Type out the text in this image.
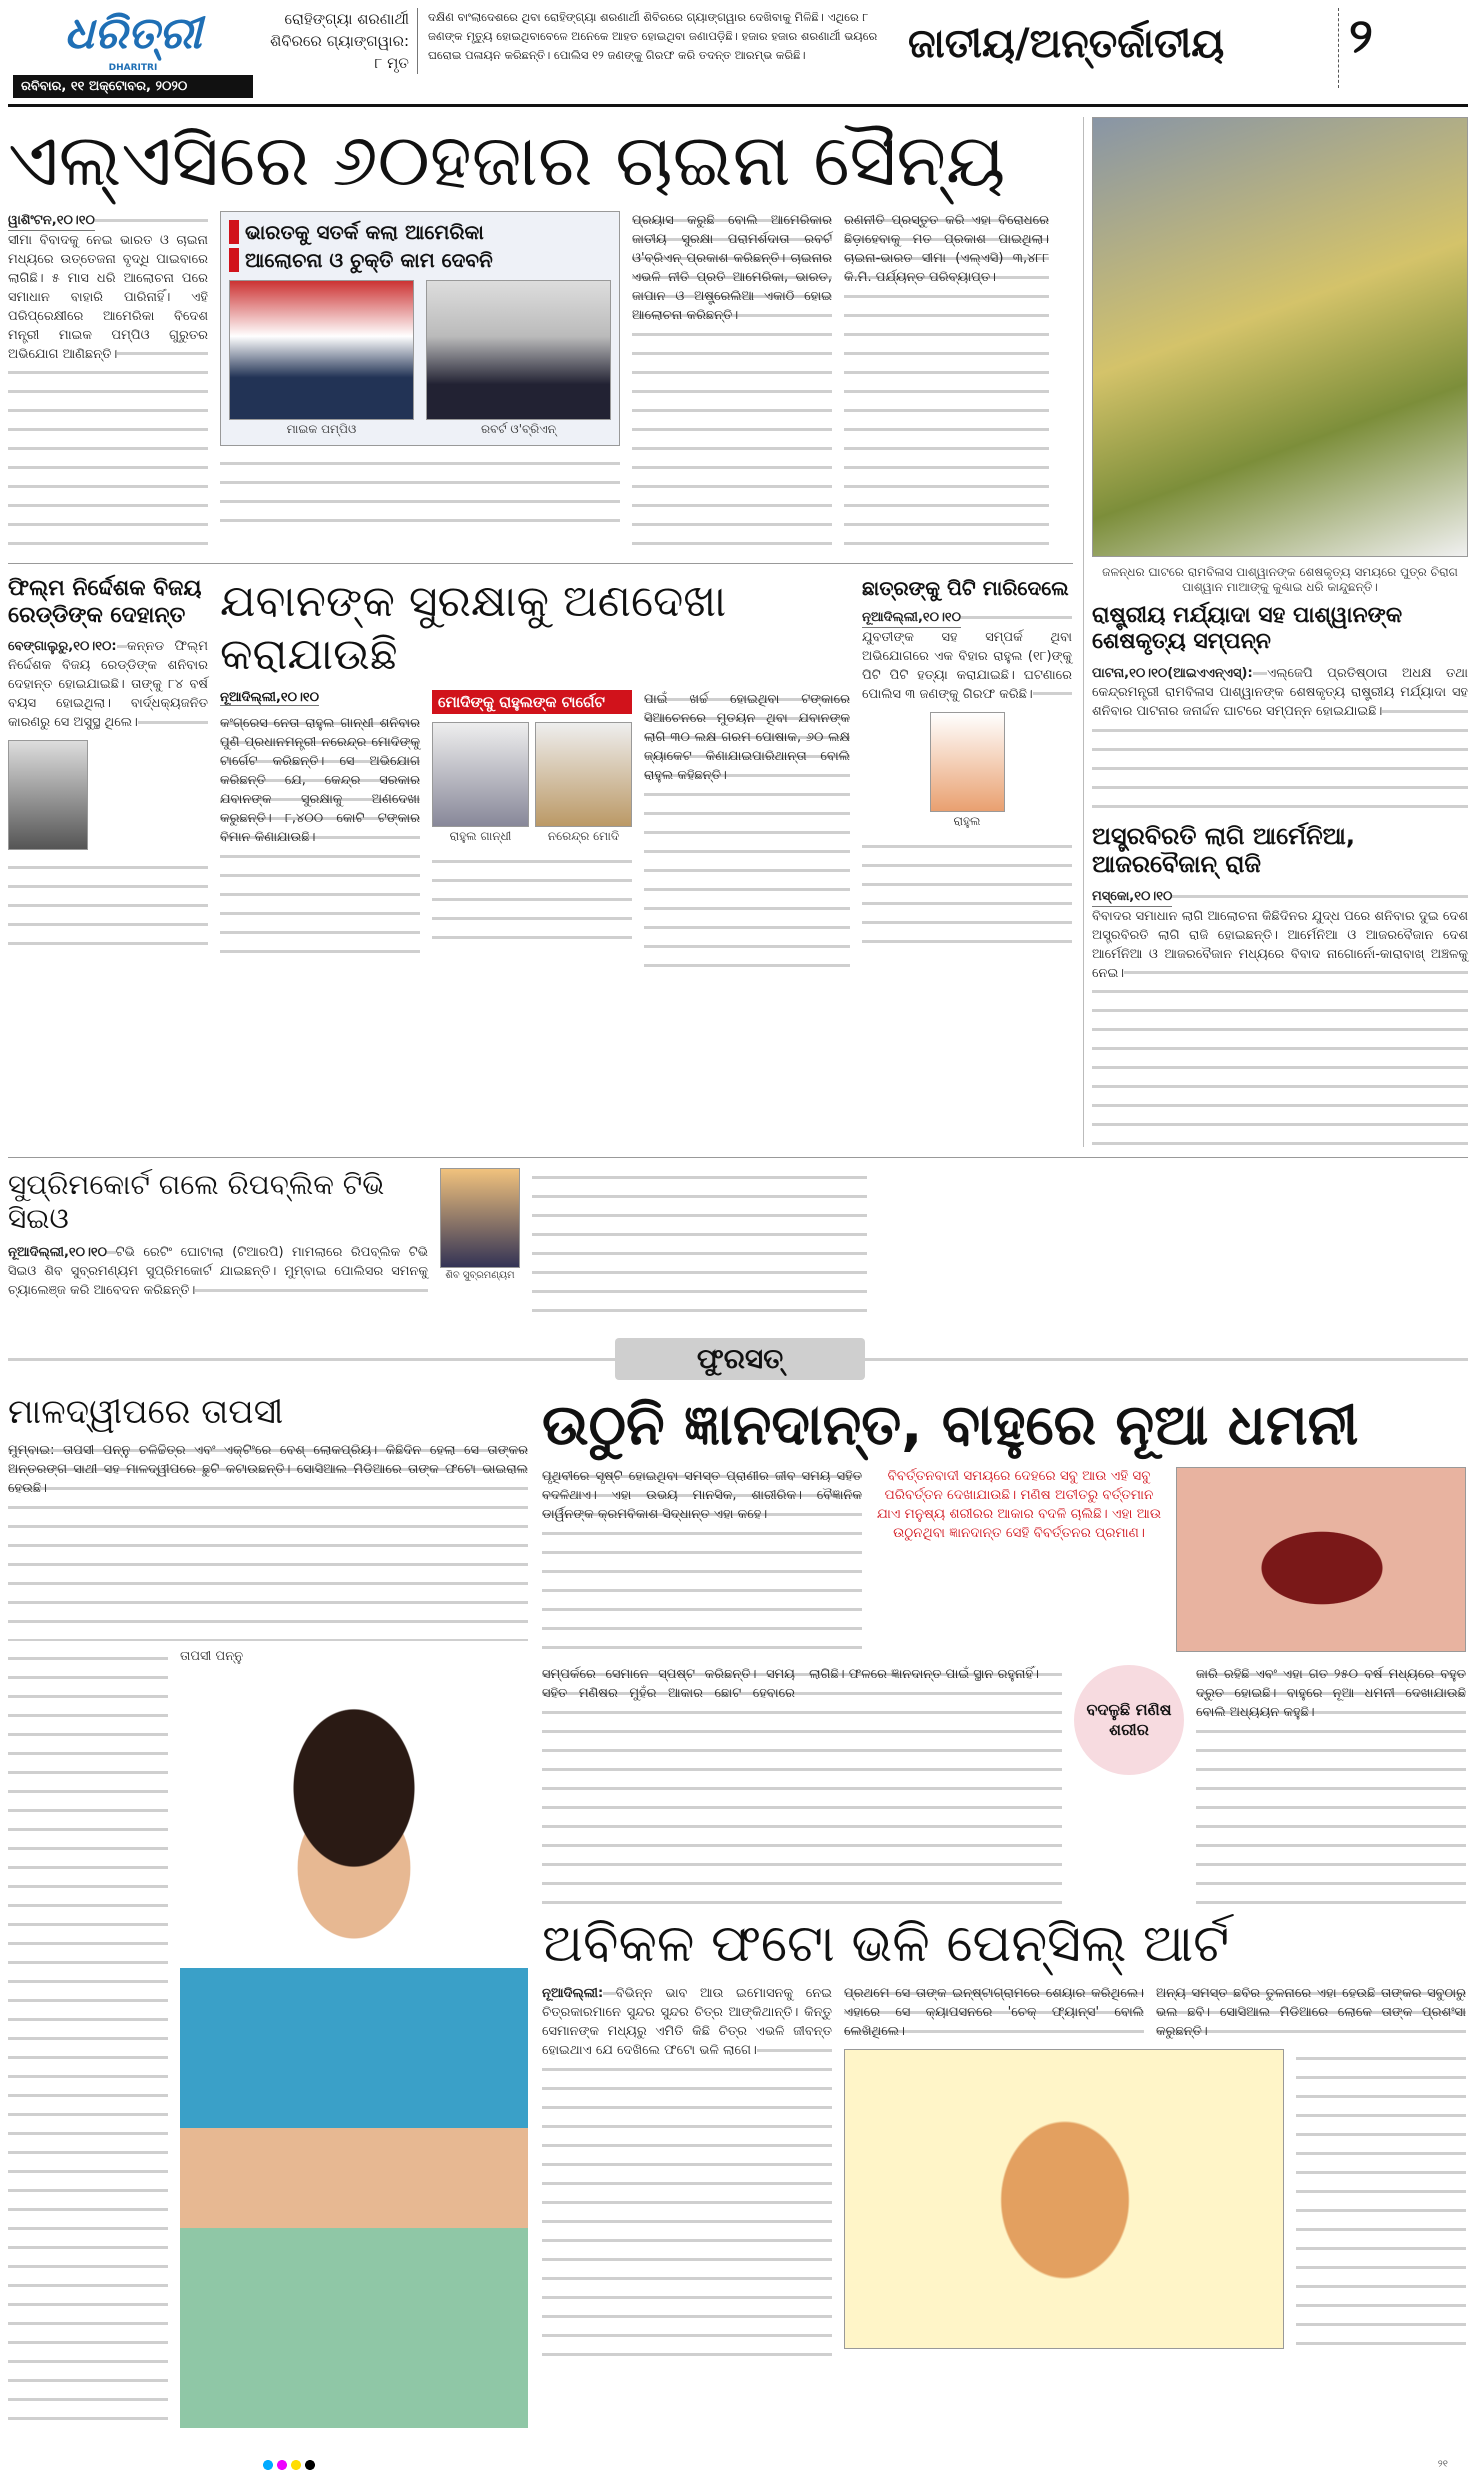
ଧରିତ୍ରୀ
DHARITRI
ରବିବାର, ୧୧ ଅକ୍ଟୋବର, ୨୦୨୦
ରୋହିଙ୍ଗ୍ୟା ଶରଣାର୍ଥୀ ଶିବିରରେ ଗ୍ୟାଙ୍ଗୱାର: ୮ ମୃତ
ଦକ୍ଷିଣ ବାଂଲାଦେଶରେ ଥିବା ରୋହିଙ୍ଗ୍ୟା ଶରଣାର୍ଥୀ ଶିବିରରେ ଗ୍ୟାଙ୍ଗୱାର ଦେଖିବାକୁ ମିଳିଛି। ଏଥିରେ ୮ ଜଣଙ୍କ ମୃତ୍ୟୁ ହୋଇଥିବାବେଳେ ଅନେକେ ଆହତ ହୋଇଥିବା ଜଣାପଡ଼ିଛି। ହଜାର ହଜାର ଶରଣାର୍ଥୀ ଭୟରେ ଘରୋଇ ପଳାୟନ କରିଛନ୍ତି। ପୋଲିସ ୧୨ ଜଣଙ୍କୁ ଗିରଫ କରି ତଦନ୍ତ ଆରମ୍ଭ କରିଛି।	ଜାତୀୟ/ଅନ୍ତର୍ଜାତୀୟ	୨
ଏଲ୍‌ଏସିରେ ୬୦ହଜାର ଚାଇନା ସୈନ୍ୟ
ୱାଶିଂଟନ,୧୦।୧୦
ସୀମା ବିବାଦକୁ ନେଇ ଭାରତ ଓ ଚାଇନା ମଧ୍ୟରେ ଉତ୍ତେଜନା ବୃଦ୍ଧି ପାଇବାରେ ଲାଗିଛି। ୫ ମାସ ଧରି ଆଲୋଚନା ପରେ ସମାଧାନ ବାହାରି ପାରିନାହିଁ। ଏହି ପରିପ୍ରେକ୍ଷୀରେ ଆମେରିକା ବିଦେଶ ମନ୍ତ୍ରୀ ମାଇକ ପମ୍ପିଓ ଗୁରୁତର ଅଭିଯୋଗ ଆଣିଛନ୍ତି।
ଭାରତକୁ ସତର୍କ କଲା ଆମେରିକା
ଆଲୋଚନା ଓ ଚୁକ୍ତି କାମ ଦେବନି
ମାଇକ ପମ୍ପିଓ	ରବର୍ଟ ଓ'ବ୍ରିଏନ୍
ପ୍ରୟାସ କରୁଛି ବୋଲି ଆମେରିକାର ଜାତୀୟ ସୁରକ୍ଷା ପରାମର୍ଶଦାତା ରବର୍ଟ ଓ'ବ୍ରିଏନ୍ ପ୍ରକାଶ କରିଛନ୍ତି। ଚାଇନାର ଏଭଳି ନୀତି ପ୍ରତି ଆମେରିକା, ଭାରତ, ଜାପାନ ଓ ଅଷ୍ଟ୍ରେଲିଆ ଏକାଠି ହୋଇ ଆଲୋଚନା କରିଛନ୍ତି।
ରଣନୀତି ପ୍ରସ୍ତୁତ କରି ଏହା ବିରୋଧରେ ଛିଡ଼ାହେବାକୁ ମତ ପ୍ରକାଶ ପାଇଥିଲା। ଚାଇନା-ଭାରତ ସୀମା (ଏଲ୍‌ଏସି) ୩,୪୮୮ କି.ମି. ପର୍ଯ୍ୟନ୍ତ ପରିବ୍ୟାପ୍ତ।
ଫିଲ୍ମ ନିର୍ଦ୍ଦେଶକ ବିଜୟ ରେଡ୍ଡିଙ୍କ ଦେହାନ୍ତ
ବେଙ୍ଗାଲୁରୁ,୧୦।୧୦: କନ୍ନଡ ଫିଲ୍ମ ନିର୍ଦ୍ଦେଶକ ବିଜୟ ରେଡ୍ଡିଙ୍କ ଶନିବାର ଦେହାନ୍ତ ହୋଇଯାଇଛି। ତାଙ୍କୁ ୮୪ ବର୍ଷ ବୟସ ହୋଇଥିଲା। ବାର୍ଦ୍ଧକ୍ୟଜନିତ କାରଣରୁ ସେ ଅସୁସ୍ଥ ଥିଲେ।
ଯବାନଙ୍କ ସୁରକ୍ଷାକୁ ଅଣଦେଖା କରାଯାଉଛି
ନୂଆଦିଲ୍ଲୀ,୧୦।୧୦
କଂଗ୍ରେସ ନେତା ରାହୁଲ ଗାନ୍ଧୀ ଶନିବାର ପୁଣି ପ୍ରଧାନମନ୍ତ୍ରୀ ନରେନ୍ଦ୍ର ମୋଦିଙ୍କୁ ଟାର୍ଗେଟ କରିଛନ୍ତି। ସେ ଅଭିଯୋଗ କରିଛନ୍ତି ଯେ, କେନ୍ଦ୍ର ସରକାର ଯବାନଙ୍କ ସୁରକ୍ଷାକୁ ଅଣଦେଖା କରୁଛନ୍ତି। ୮,୪୦୦ କୋଟି ଟଙ୍କାର ବିମାନ କିଣାଯାଉଛି।
ମୋଦିଙ୍କୁ ରାହୁଲଙ୍କ ଟାର୍ଗେଟ
ରାହୁଲ ଗାନ୍ଧୀ	ନରେନ୍ଦ୍ର ମୋଦି
ପାଇଁ ଖର୍ଚ୍ଚ ହୋଇଥିବା ଟଙ୍କାରେ ସିଆଚେନରେ ମୁତୟନ ଥିବା ଯବାନଙ୍କ ଲାଗି ୩୦ ଲକ୍ଷ ଗରମ ପୋଷାକ, ୬୦ ଲକ୍ଷ ଜ୍ୟାକେଟ କିଣାଯାଇପାରିଥାନ୍ତା ବୋଲି ରାହୁଲ କହିଛନ୍ତି।
ଛାତ୍ରଙ୍କୁ ପିଟି ମାରିଦେଲେ
ନୂଆଦିଲ୍ଲୀ,୧୦।୧୦
ଯୁବତୀଙ୍କ ସହ ସମ୍ପର୍କ ଥିବା ଅଭିଯୋଗରେ ଏକ ବିହାର ରାହୁଲ (୧୮)ଙ୍କୁ ପିଟି ପିଟି ହତ୍ୟା କରାଯାଇଛି। ଘଟଣାରେ ପୋଲିସ ୩ ଜଣଙ୍କୁ ଗିରଫ କରିଛି।
ରାହୁଲ
ଜଳନ୍ଧର ଘାଟରେ ରାମବିଳାସ ପାଶ୍ୱାନଙ୍କ ଶେଷକୃତ୍ୟ ସମୟରେ ପୁତ୍ର ଚିରାଗ ପାଶ୍ୱାନ ମାଆଙ୍କୁ କୁଣ୍ଢାଇ ଧରି କାନ୍ଦୁଛନ୍ତି।
ରାଷ୍ଟ୍ରୀୟ ମର୍ଯ୍ୟାଦା ସହ ପାଶ୍ୱାନଙ୍କ ଶେଷକୃତ୍ୟ ସମ୍ପନ୍ନ
ପାଟନା,୧୦।୧୦(ଆଇଏଏନ୍‌ଏସ୍): ଏଲ୍‌ଜେପି ପ୍ରତିଷ୍ଠାତା ଅଧକ୍ଷ ତଥା କେନ୍ଦ୍ରମନ୍ତ୍ରୀ ରାମବିଳାସ ପାଶ୍ୱାନଙ୍କ ଶେଷକୃତ୍ୟ ରାଷ୍ଟ୍ରୀୟ ମର୍ଯ୍ୟାଦା ସହ ଶନିବାର ପାଟନାର ଜନାର୍ଦ୍ଦନ ଘାଟରେ ସମ୍ପନ୍ନ ହୋଇଯାଇଛି।
ଅସ୍ତ୍ରବିରତି ଲାଗି ଆର୍ମେନିଆ, ଆଜରବୈଜାନ୍ ରାଜି
ମସ୍କୋ,୧୦।୧୦
ବିବାଦର ସମାଧାନ ଲାଗି ଆଲୋଚନା କିଛିଦିନର ଯୁଦ୍ଧ ପରେ ଶନିବାର ଦୁଇ ଦେଶ ଅସ୍ତ୍ରବିରତି ଲାଗି ରାଜି ହୋଇଛନ୍ତି। ଆର୍ମେନିଆ ଓ ଆଜରବୈଜାନ ଦେଶ ଆର୍ମେନିଆ ଓ ଆଜରବୈଜାନ ମଧ୍ୟରେ ବିବାଦ ନାଗୋର୍ନୋ-କାରାବାଖ୍ ଅଞ୍ଚଳକୁ ନେଇ।
ସୁପ୍ରିମକୋର୍ଟ ଗଲେ ରିପବ୍ଲିକ ଟିଭି ସିଇଓ
ନୂଆଦିଲ୍ଲୀ,୧୦।୧୦ ଟିଭି ରେଟିଂ ଘୋଟାଲା (ଟିଆରପି) ମାମଲାରେ ରିପବ୍ଲିକ ଟିଭି ସିଇଓ ଶିବ ସୁବ୍ରମଣ୍ୟମ ସୁପ୍ରିମକୋର୍ଟ ଯାଇଛନ୍ତି। ମୁମ୍ବାଇ ପୋଲିସର ସମନକୁ ଚ୍ୟାଲେଞ୍ଜ କରି ଆବେଦନ କରିଛନ୍ତି।
ଶିବ ସୁବ୍ରମଣ୍ୟମ
ଫୁରସତ୍
ମାଳଦ୍ୱୀପରେ ତାପସୀ
ମୁମ୍ବାଇ: ତାପସୀ ପନ୍ନୁ ଚଳିଚ୍ଚିତ୍ର ଏବଂ ଏକ୍ଟିଂରେ ବେଶ୍ ଲୋକପ୍ରିୟ। କିଛିଦିନ ହେଲା ସେ ତାଙ୍କର ଅନ୍ତରଙ୍ଗ ସାଥୀ ସହ ମାଳଦ୍ୱୀପରେ ଛୁଟି କଟାଉଛନ୍ତି। ସୋସିଆଲ ମିଡିଆରେ ତାଙ୍କ ଫଟୋ ଭାଇରାଲ ହେଉଛି।
ତାପସୀ ପନ୍ନୁ
ଉଠୁନି ଜ୍ଞାନଦାନ୍ତ, ବାହୁରେ ନୂଆ ଧମନୀ
ପୃଥିବୀରେ ସୃଷ୍ଟି ହୋଇଥିବା ସମସ୍ତ ପ୍ରାଣୀର ଜୀବ ସମୟ ସହିତ ବଦଳିଥାଏ। ଏହା ଉଭୟ ମାନସିକ, ଶାରୀରିକ। ବୈଜ୍ଞାନିକ ଡାର୍ୱିନଙ୍କ କ୍ରମବିକାଶ ସିଦ୍ଧାନ୍ତ ଏହା କହେ।
ବିବର୍ତ୍ତନବାଦୀ ସମୟରେ ଦେହରେ ସବୁ ଆଉ ଏହି ସବୁ ପରିବର୍ତ୍ତନ ଦେଖାଯାଉଛି। ମଣିଷ ଅତୀତରୁ ବର୍ତ୍ତମାନ ଯାଏ ମନୁଷ୍ୟ ଶରୀରର ଆକାର ବଦଳି ଚାଲିଛି। ଏହା ଆଉ ଉଠୁନଥିବା ଜ୍ଞାନଦାନ୍ତ ସେହି ବିବର୍ତ୍ତନର ପ୍ରମାଣ।
ସମ୍ପର୍କରେ ସେମାନେ ସ୍ପଷ୍ଟ କରିଛନ୍ତି। ସମୟ ସହିତ ମଣିଷର ମୁହଁର ଆକାର ଛୋଟ ହେବାରେ ଲାଗିଛି। ଫଳରେ ଜ୍ଞାନଦାନ୍ତ ପାଇଁ ସ୍ଥାନ ରହୁନାହିଁ।
ବଦଳୁଛି ମଣିଷ ଶରୀର
ଜାରି ରହିଛି ଏବଂ ଏହା ଗତ ୨୫୦ ବର୍ଷ ମଧ୍ୟରେ ବହୁତ ଦ୍ରୁତ ହୋଇଛି। ବାହୁରେ ନୂଆ ଧମନୀ ଦେଖାଯାଉଛି ବୋଲି ଅଧ୍ୟୟନ କହୁଛି।
ଅବିକଳ ଫଟୋ ଭଳି ପେନ୍ସିଲ୍ ଆର୍ଟ
ନୂଆଦିଲ୍ଲୀ: ବିଭିନ୍ନ ଭାବ ଆଉ ଇମୋସନକୁ ନେଇ ଚିତ୍ରକାରମାନେ ସୁନ୍ଦର ସୁନ୍ଦର ଚିତ୍ର ଆଙ୍କିଥାନ୍ତି। କିନ୍ତୁ ସେମାନଙ୍କ ମଧ୍ୟରୁ ଏମିତି କିଛି ଚିତ୍ର ଏଭଳି ଜୀବନ୍ତ ହୋଇଥାଏ ଯେ ଦେଖିଲେ ଫଟୋ ଭଳି ଲାଗେ।
ପ୍ରଥମେ ସେ ତାଙ୍କ ଇନ୍‌ଷ୍ଟାଗ୍ରାମରେ ଶେୟାର କରିଥିଲେ। ଏହାରେ ସେ କ୍ୟାପସନରେ 'ଚେକ୍ ଫ୍ୟାନ୍ସ' ବୋଲି ଲେଖିଥିଲେ।
ଅନ୍ୟ ସମସ୍ତ ଛବିର ତୁଳନାରେ ଏହା ହେଉଛି ତାଙ୍କର ସବୁଠାରୁ ଭଲ ଛବି। ସୋସିଆଲ ମିଡିଆରେ ଲୋକେ ତାଙ୍କ ପ୍ରଶଂସା କରୁଛନ୍ତି।
୨୧
